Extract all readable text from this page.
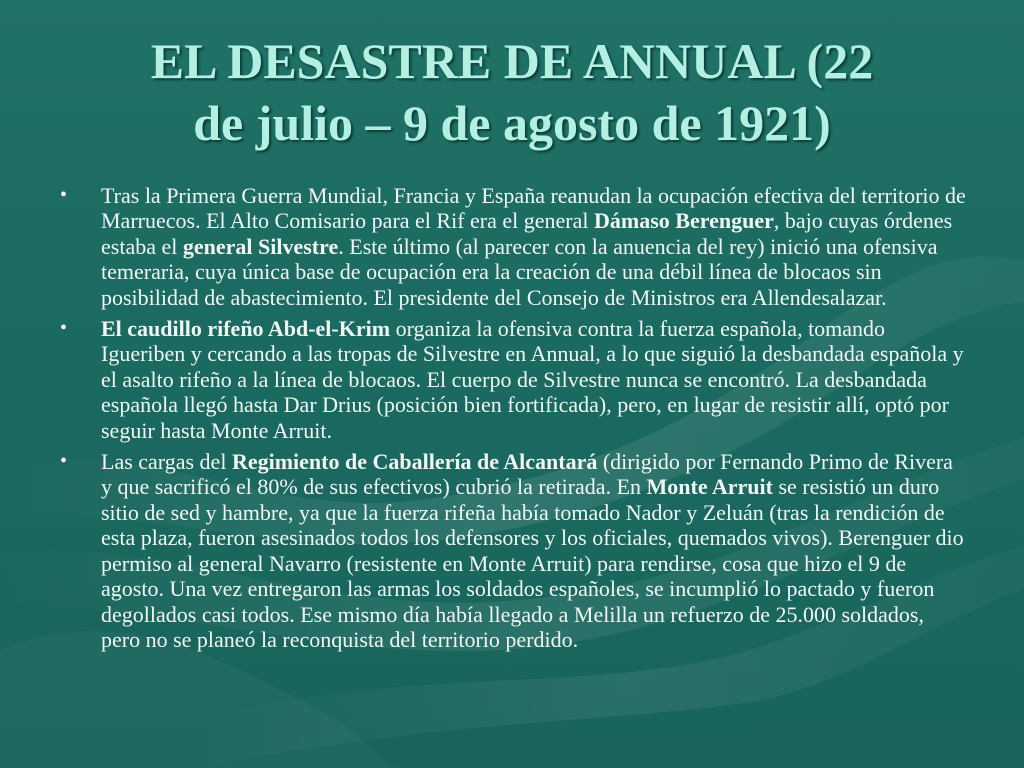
EL DESASTRE DE ANNUAL (22
de julio – 9 de agosto de 1921)
• Tras la Primera Guerra Mundial, Francia y España reanudan la ocupación efectiva del territorio de Marruecos. El Alto Comisario para el Rif era el general Dámaso Berenguer, bajo cuyas órdenes estaba el general Silvestre. Este último (al parecer con la anuencia del rey) inició una ofensiva temeraria, cuya única base de ocupación era la creación de una débil línea de blocaos sin posibilidad de abastecimiento. El presidente del Consejo de Ministros era Allendesalazar.
• El caudillo rifeño Abd-el-Krim organiza la ofensiva contra la fuerza española, tomando Igueriben y cercando a las tropas de Silvestre en Annual, a lo que siguió la desbandada española y el asalto rifeño a la línea de blocaos. El cuerpo de Silvestre nunca se encontró. La desbandada española llegó hasta Dar Drius (posición bien fortificada), pero, en lugar de resistir allí, optó por seguir hasta Monte Arruit.
• Las cargas del Regimiento de Caballería de Alcantará (dirigido por Fernando Primo de Rivera y que sacrificó el 80% de sus efectivos) cubrió la retirada. En Monte Arruit se resistió un duro sitio de sed y hambre, ya que la fuerza rifeña había tomado Nador y Zeluán (tras la rendición de esta plaza, fueron asesinados todos los defensores y los oficiales, quemados vivos). Berenguer dio permiso al general Navarro (resistente en Monte Arruit) para rendirse, cosa que hizo el 9 de agosto. Una vez entregaron las armas los soldados españoles, se incumplió lo pactado y fueron degollados casi todos. Ese mismo día había llegado a Melilla un refuerzo de 25.000 soldados, pero no se planeó la reconquista del territorio perdido.
